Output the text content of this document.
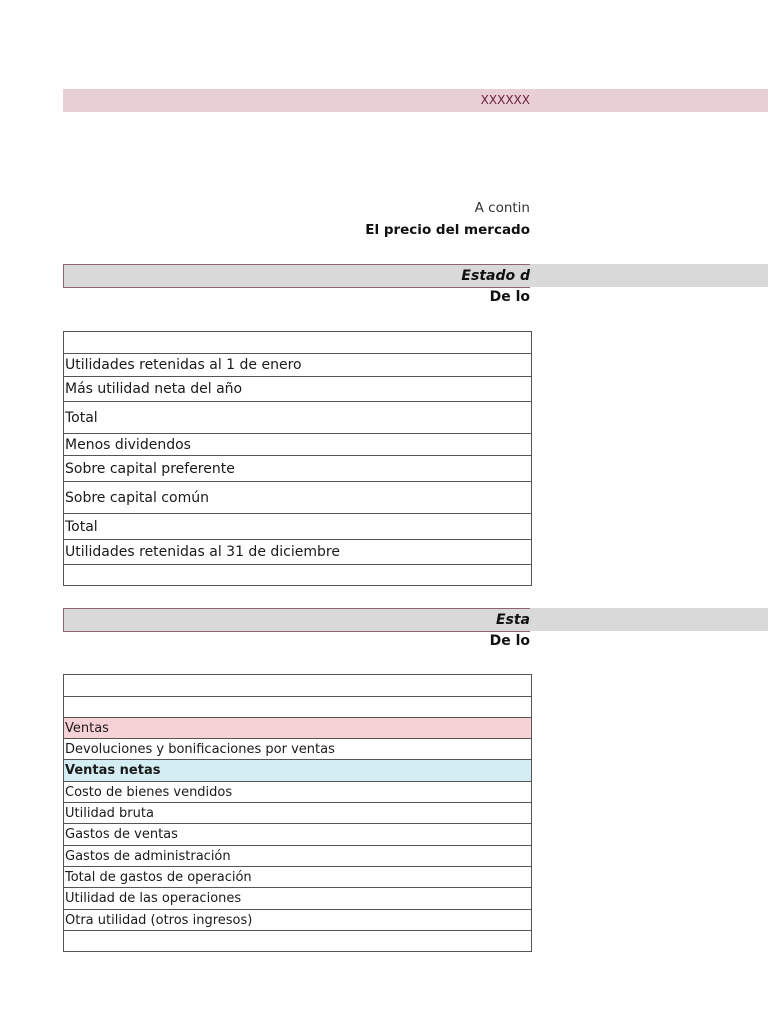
XXXXXX
A contin
El precio del mercado
Estado d
De lo

Utilidades retenidas al 1 de enero
Más utilidad neta del año
Total
Menos dividendos
Sobre capital preferente
Sobre capital común
Total
Utilidades retenidas al 31 de diciembre

Esta
De lo

Ventas
Devoluciones y bonificaciones por ventas
Ventas netas
Costo de bienes vendidos
Utilidad bruta
Gastos de ventas
Gastos de administración
Total de gastos de operación
Utilidad de las operaciones
Otra utilidad (otros ingresos)
